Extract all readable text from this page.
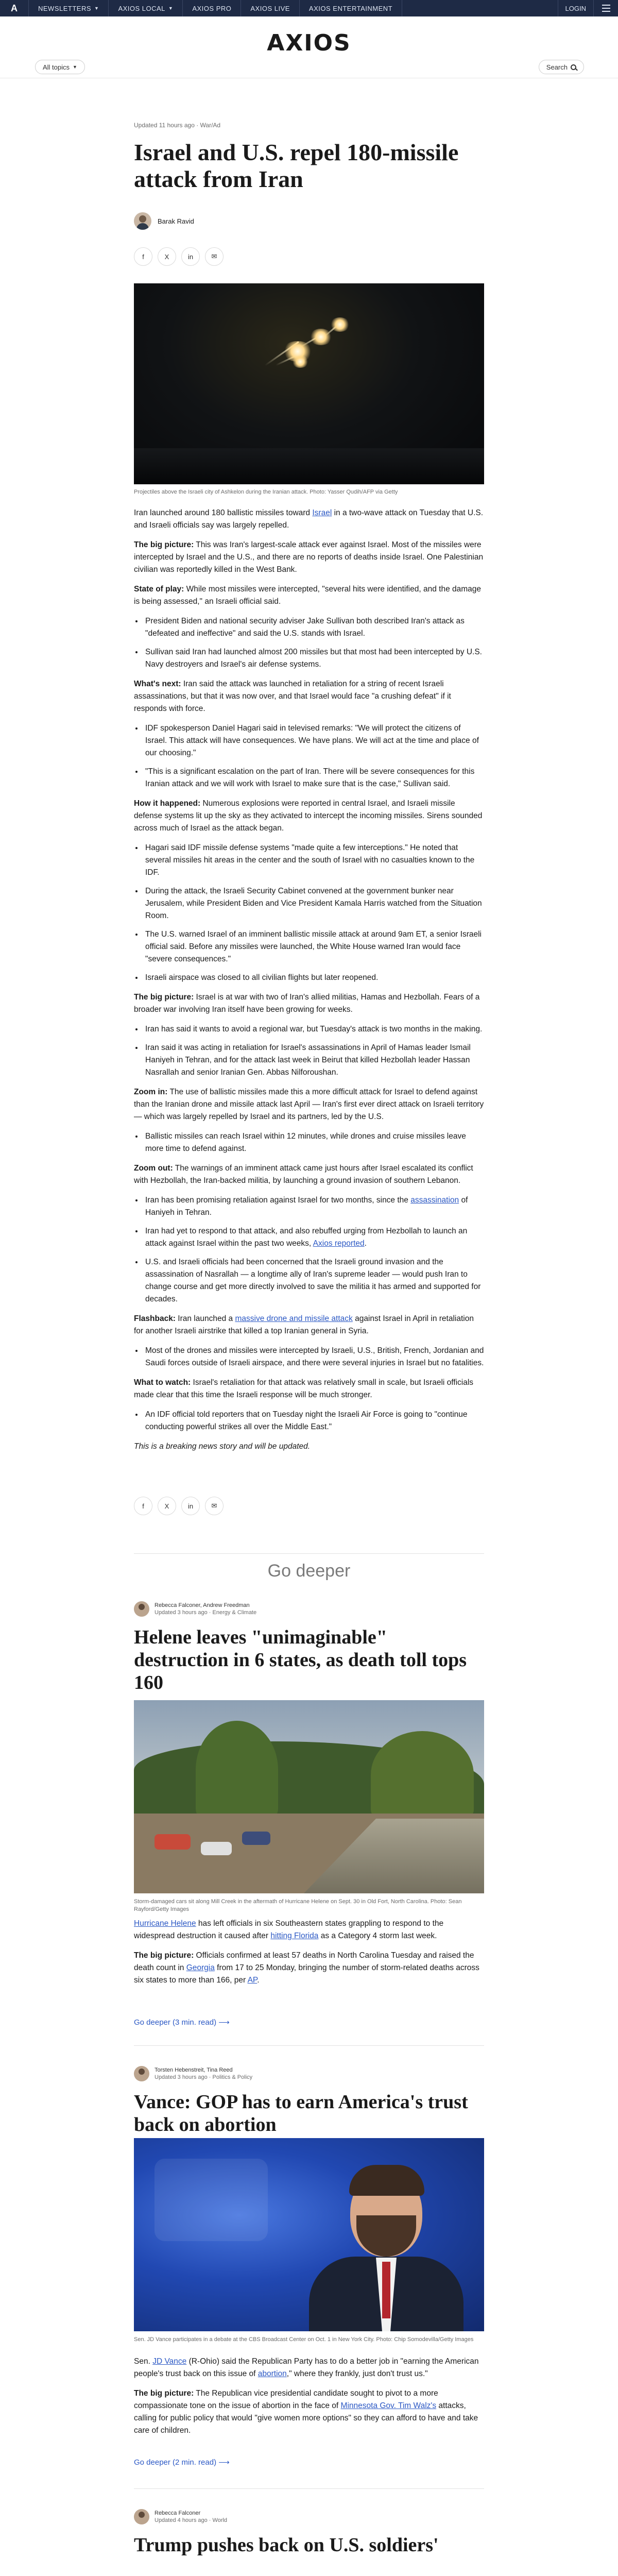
A	NEWSLETTERS ▼	AXIOS LOCAL ▼	AXIOS PRO	AXIOS LIVE	AXIOS ENTERTAINMENT	LOGIN
AXIOS
All topics ▼	Search
Updated 11 hours ago · War/Ad
Israel and U.S. repel 180-missile attack from Iran
Barak Ravid
f	X	in	✉
Projectiles above the Israeli city of Ashkelon during the Iranian attack. Photo: Yasser Qudih/AFP via Getty

Iran launched around 180 ballistic missiles toward Israel in a two-wave attack on Tuesday that U.S. and Israeli officials say was largely repelled.

The big picture: This was Iran's largest-scale attack ever against Israel. Most of the missiles were intercepted by Israel and the U.S., and there are no reports of deaths inside Israel. One Palestinian civilian was reportedly killed in the West Bank.

State of play: While most missiles were intercepted, "several hits were identified, and the damage is being assessed," an Israeli official said.

• President Biden and national security adviser Jake Sullivan both described Iran's attack as "defeated and ineffective" and said the U.S. stands with Israel.
• Sullivan said Iran had launched almost 200 missiles but that most had been intercepted by U.S. Navy destroyers and Israel's air defense systems.

What's next: Iran said the attack was launched in retaliation for a string of recent Israeli assassinations, but that it was now over, and that Israel would face "a crushing defeat" if it responds with force.

• IDF spokesperson Daniel Hagari said in televised remarks: "We will protect the citizens of Israel. This attack will have consequences. We have plans. We will act at the time and place of our choosing."
• "This is a significant escalation on the part of Iran. There will be severe consequences for this Iranian attack and we will work with Israel to make sure that is the case," Sullivan said.

How it happened: Numerous explosions were reported in central Israel, and Israeli missile defense systems lit up the sky as they activated to intercept the incoming missiles. Sirens sounded across much of Israel as the attack began.

• Hagari said IDF missile defense systems "made quite a few interceptions." He noted that several missiles hit areas in the center and the south of Israel with no casualties known to the IDF.
• During the attack, the Israeli Security Cabinet convened at the government bunker near Jerusalem, while President Biden and Vice President Kamala Harris watched from the Situation Room.
• The U.S. warned Israel of an imminent ballistic missile attack at around 9am ET, a senior Israeli official said. Before any missiles were launched, the White House warned Iran would face "severe consequences."
• Israeli airspace was closed to all civilian flights but later reopened.

The big picture: Israel is at war with two of Iran's allied militias, Hamas and Hezbollah. Fears of a broader war involving Iran itself have been growing for weeks.

• Iran has said it wants to avoid a regional war, but Tuesday's attack is two months in the making.
• Iran said it was acting in retaliation for Israel's assassinations in April of Hamas leader Ismail Haniyeh in Tehran, and for the attack last week in Beirut that killed Hezbollah leader Hassan Nasrallah and senior Iranian Gen. Abbas Nilforoushan.

Zoom in: The use of ballistic missiles made this a more difficult attack for Israel to defend against than the Iranian drone and missile attack last April — Iran's first ever direct attack on Israeli territory — which was largely repelled by Israel and its partners, led by the U.S.

• Ballistic missiles can reach Israel within 12 minutes, while drones and cruise missiles leave more time to defend against.

Zoom out: The warnings of an imminent attack came just hours after Israel escalated its conflict with Hezbollah, the Iran-backed militia, by launching a ground invasion of southern Lebanon.

• Iran has been promising retaliation against Israel for two months, since the assassination of Haniyeh in Tehran.
• Iran had yet to respond to that attack, and also rebuffed urging from Hezbollah to launch an attack against Israel within the past two weeks, Axios reported.
• U.S. and Israeli officials had been concerned that the Israeli ground invasion and the assassination of Nasrallah — a longtime ally of Iran's supreme leader — would push Iran to change course and get more directly involved to save the militia it has armed and supported for decades.

Flashback: Iran launched a massive drone and missile attack against Israel in April in retaliation for another Israeli airstrike that killed a top Iranian general in Syria.

• Most of the drones and missiles were intercepted by Israeli, U.S., British, French, Jordanian and Saudi forces outside of Israeli airspace, and there were several injuries in Israel but no fatalities.

What to watch: Israel's retaliation for that attack was relatively small in scale, but Israeli officials made clear that this time the Israeli response will be much stronger.

• An IDF official told reporters that on Tuesday night the Israeli Air Force is going to "continue conducting powerful strikes all over the Middle East."

This is a breaking news story and will be updated.

f	X	in	✉
Go deeper
Rebecca Falconer, Andrew Freedman
Updated 3 hours ago · Energy & Climate
Helene leaves "unimaginable" destruction in 6 states, as death toll tops 160
Storm-damaged cars sit along Mill Creek in the aftermath of Hurricane Helene on Sept. 30 in Old Fort, North Carolina. Photo: Sean Rayford/Getty Images

Hurricane Helene has left officials in six Southeastern states grappling to respond to the widespread destruction it caused after hitting Florida as a Category 4 storm last week.

The big picture: Officials confirmed at least 57 deaths in North Carolina Tuesday and raised the death count in Georgia from 17 to 25 Monday, bringing the number of storm-related deaths across six states to more than 166, per AP.

Go deeper (3 min. read) ⟶
Torsten Hebenstreit, Tina Reed
Updated 3 hours ago · Politics & Policy
Vance: GOP has to earn America's trust back on abortion
Sen. JD Vance participates in a debate at the CBS Broadcast Center on Oct. 1 in New York City. Photo: Chip Somodevilla/Getty Images

Sen. JD Vance (R-Ohio) said the Republican Party has to do a better job in "earning the American people's trust back on this issue of abortion," where they frankly, just don't trust us."

The big picture: The Republican vice presidential candidate sought to pivot to a more compassionate tone on the issue of abortion in the face of Minnesota Gov. Tim Walz's attacks, calling for public policy that would "give women more options" so they can afford to have and take care of children.

Go deeper (2 min. read) ⟶
Rebecca Falconer
Updated 4 hours ago · World
Trump pushes back on U.S. soldiers'
